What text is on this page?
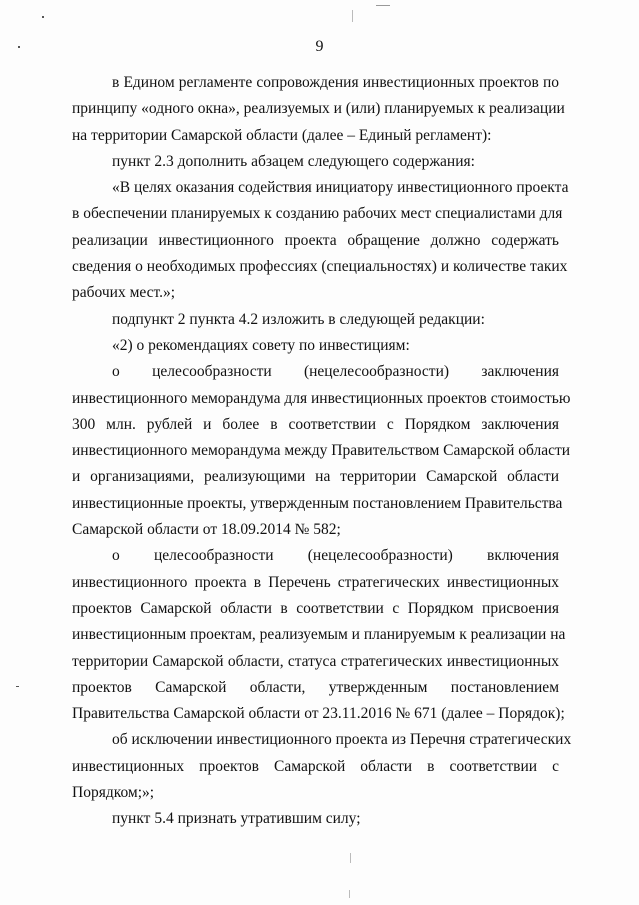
9
в Едином регламенте сопровождения инвестиционных проектов по
принципу «одного окна», реализуемых и (или) планируемых к реализации
на территории Самарской области (далее – Единый регламент):
пункт 2.3 дополнить абзацем следующего содержания:
«В целях оказания содействия инициатору инвестиционного проекта
в обеспечении планируемых к созданию рабочих мест специалистами для
реализации инвестиционного проекта обращение должно содержать
сведения о необходимых профессиях (специальностях) и количестве таких
рабочих мест.»;
подпункт 2 пункта 4.2 изложить в следующей редакции:
«2) о рекомендациях совету по инвестициям:
о целесообразности (нецелесообразности) заключения
инвестиционного меморандума для инвестиционных проектов стоимостью
300 млн. рублей и более в соответствии с Порядком заключения
инвестиционного меморандума между Правительством Самарской области
и организациями, реализующими на территории Самарской области
инвестиционные проекты, утвержденным постановлением Правительства
Самарской области от 18.09.2014 № 582;
о целесообразности (нецелесообразности) включения
инвестиционного проекта в Перечень стратегических инвестиционных
проектов Самарской области в соответствии с Порядком присвоения
инвестиционным проектам, реализуемым и планируемым к реализации на
территории Самарской области, статуса стратегических инвестиционных
проектов Самарской области, утвержденным постановлением
Правительства Самарской области от 23.11.2016 № 671 (далее – Порядок);
об исключении инвестиционного проекта из Перечня стратегических
инвестиционных проектов Самарской области в соответствии с
Порядком;»;
пункт 5.4 признать утратившим силу;
